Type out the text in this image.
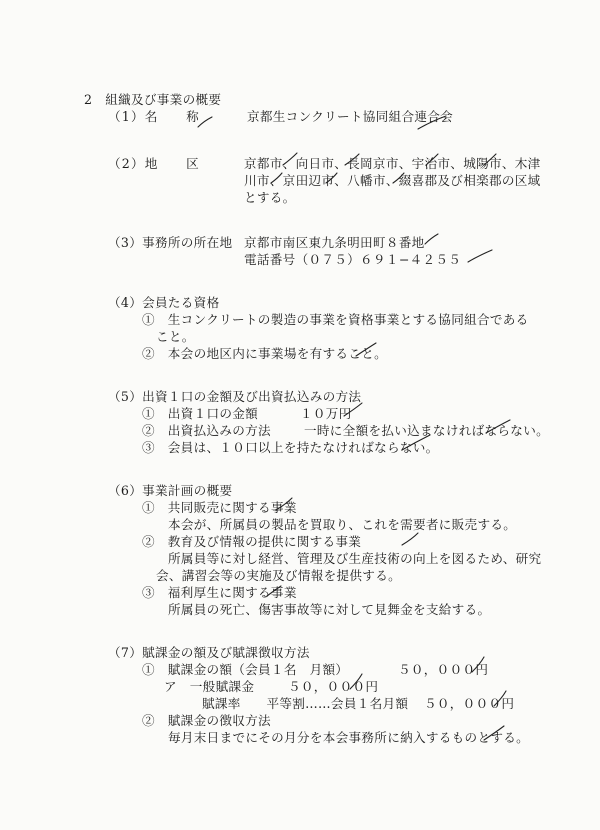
2　組織及び事業の概要
（1）名　　称	京都生コンクリート協同組合連合会
（2）地　　区	京都市、向日市、長岡京市、宇治市、城陽市、木津
川市、京田辺市、八幡市、綴喜郡及び相楽郡の区域
とする。
（3）事務所の所在地 京都市南区東九条明田町８番地
電話番号（０７５）６９１−４２５５
（4）会員たる資格
①　生コンクリートの製造の事業を資格事業とする協同組合である
こと。
②　本会の地区内に事業場を有すること。
（5）出資１口の金額及び出資払込みの方法
①　出資１口の金額	１０万円
②　出資払込みの方法	一時に全額を払い込まなければならない。
③　会員は、１０口以上を持たなければならない。
（6）事業計画の概要
①　共同販売に関する事業
本会が、所属員の製品を買取り、これを需要者に販売する。
②　教育及び情報の提供に関する事業
所属員等に対し経営、管理及び生産技術の向上を図るため、研究
会、講習会等の実施及び情報を提供する。
③　福利厚生に関する事業
所属員の死亡、傷害事故等に対して見舞金を支給する。
（7）賦課金の額及び賦課徴収方法
①　賦課金の額（会員１名　月額）	５０，０００円
ア　一般賦課金	５０，０００円
賦課率　　平等割……会員１名月額 ５０，０００円
②　賦課金の徴収方法
毎月末日までにその月分を本会事務所に納入するものとする。
